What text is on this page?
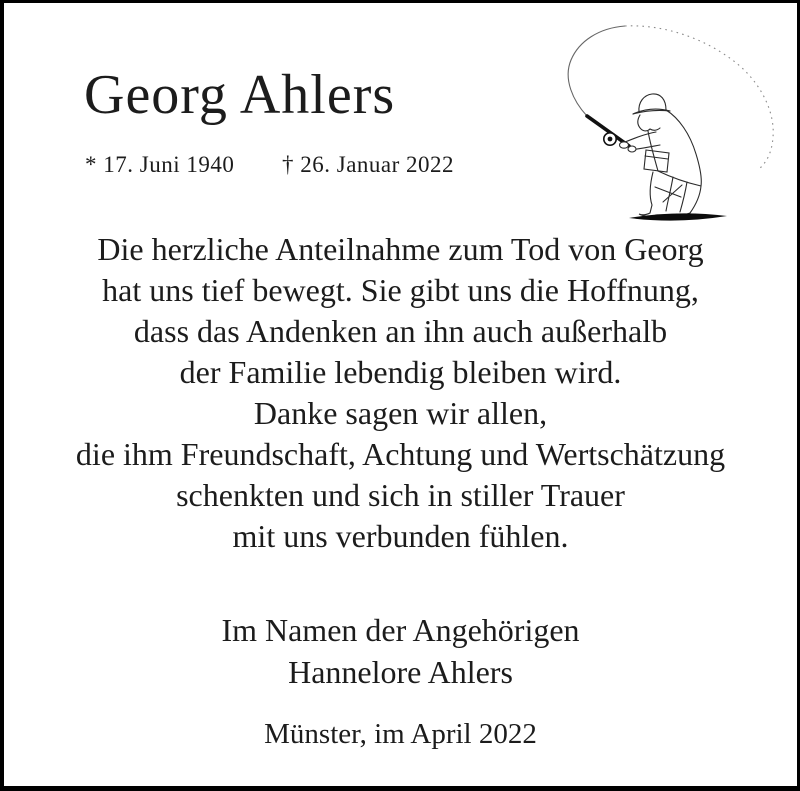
Georg Ahlers
* 17. Juni 1940 † 26. Januar 2022
Die herzliche Anteilnahme zum Tod von Georg
hat uns tief bewegt. Sie gibt uns die Hoffnung,
dass das Andenken an ihn auch außerhalb
der Familie lebendig bleiben wird.
Danke sagen wir allen,
die ihm Freundschaft, Achtung und Wertschätzung
schenkten und sich in stiller Trauer
mit uns verbunden fühlen.
Im Namen der Angehörigen
Hannelore Ahlers
Münster, im April 2022
